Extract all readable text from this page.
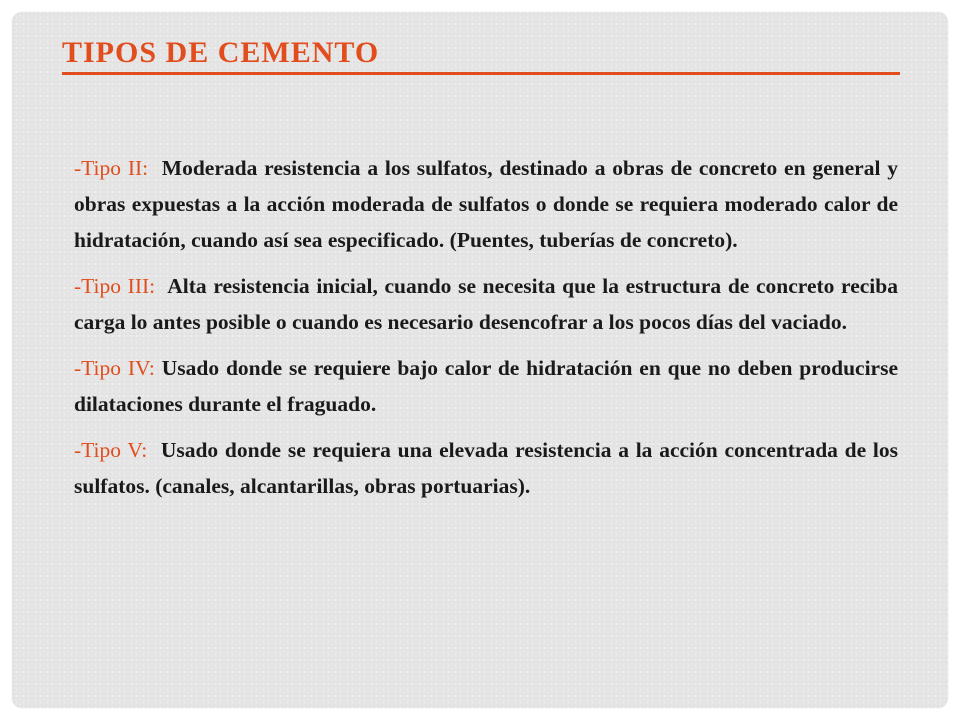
TIPOS DE CEMENTO

-Tipo II: Moderada resistencia a los sulfatos, destinado a obras de concreto en general y obras expuestas a la acción moderada de sulfatos o donde se requiera moderado calor de hidratación, cuando así sea especificado. (Puentes, tuberías de concreto).

-Tipo III: Alta resistencia inicial, cuando se necesita que la estructura de concreto reciba carga lo antes posible o cuando es necesario desencofrar a los pocos días del vaciado.

-Tipo IV: Usado donde se requiere bajo calor de hidratación en que no deben producirse dilataciones durante el fraguado.

-Tipo V: Usado donde se requiera una elevada resistencia a la acción concentrada de los sulfatos. (canales, alcantarillas, obras portuarias).
